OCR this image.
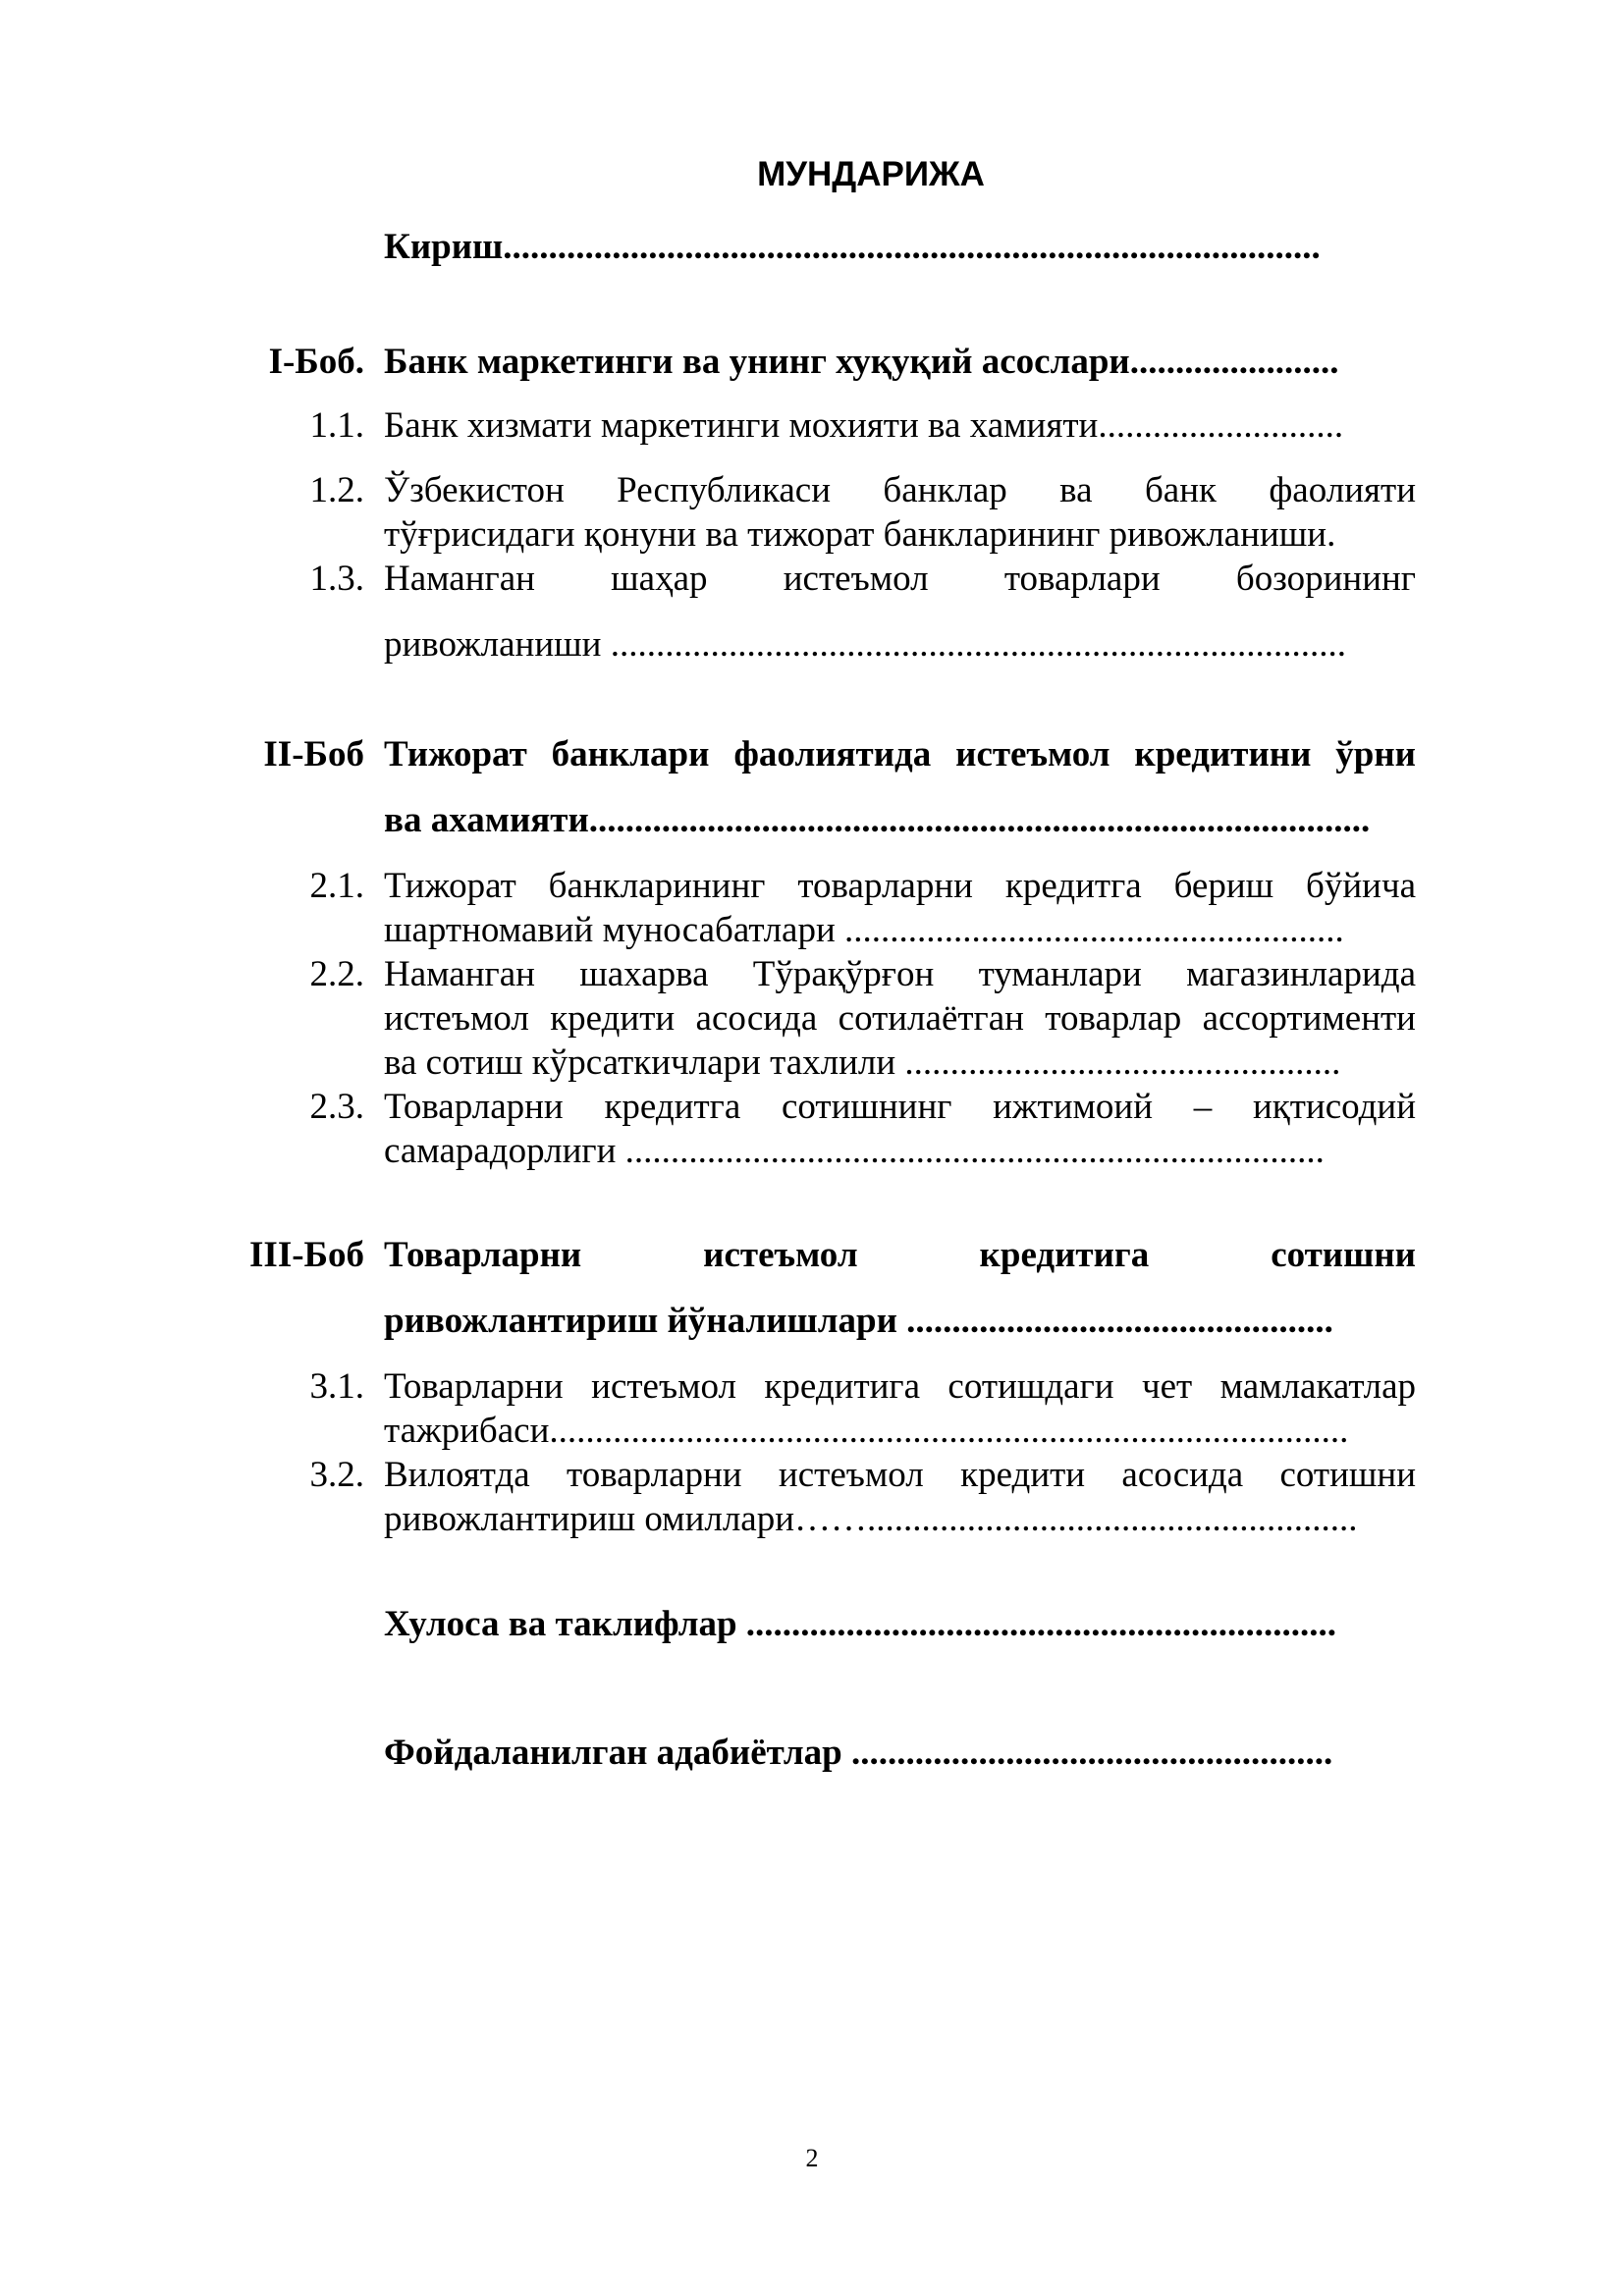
МУНДАРИЖА
Кириш..........................................................................................
I-Боб. Банк маркетинги ва унинг хуқуқий асослари.......................
1.1. Банк хизмати маркетинги мохияти ва хамияти...........................
1.2. Ўзбекистон Республикаси банклар ва банк фаолияти
тўғрисидаги қонуни ва тижорат банкларининг ривожланиши.
1.3. Наманган шаҳар истеъмол товарлари бозорининг
ривожланиши .................................................................................
II-Боб Тижорат банклари фаолиятида истеъмол кредитини ўрни
ва ахамияти......................................................................................
2.1. Тижорат банкларининг товарларни кредитга бериш бўйича
шартномавий муносабатлари .......................................................
2.2. Наманган шахарва Тўрақўрғон туманлари магазинларида
истеъмол кредити асосида сотилаётган товарлар ассортименти
ва сотиш кўрсаткичлари тахлили ................................................
2.3. Товарларни кредитга сотишнинг ижтимоий – иқтисодий
самарадорлиги .............................................................................
III-Боб Товарларни истеъмол кредитига сотишни
ривожлантириш йўналишлари ...............................................
3.1. Товарларни истеъмол кредитига сотишдаги чет мамлакатлар
тажрибаси........................................................................................
3.2. Вилоятда товарларни истеъмол кредити асосида сотишни
ривожлантириш омиллари……......................................................
Хулоса ва таклифлар .................................................................
Фойдаланилган адабиётлар .....................................................
2
